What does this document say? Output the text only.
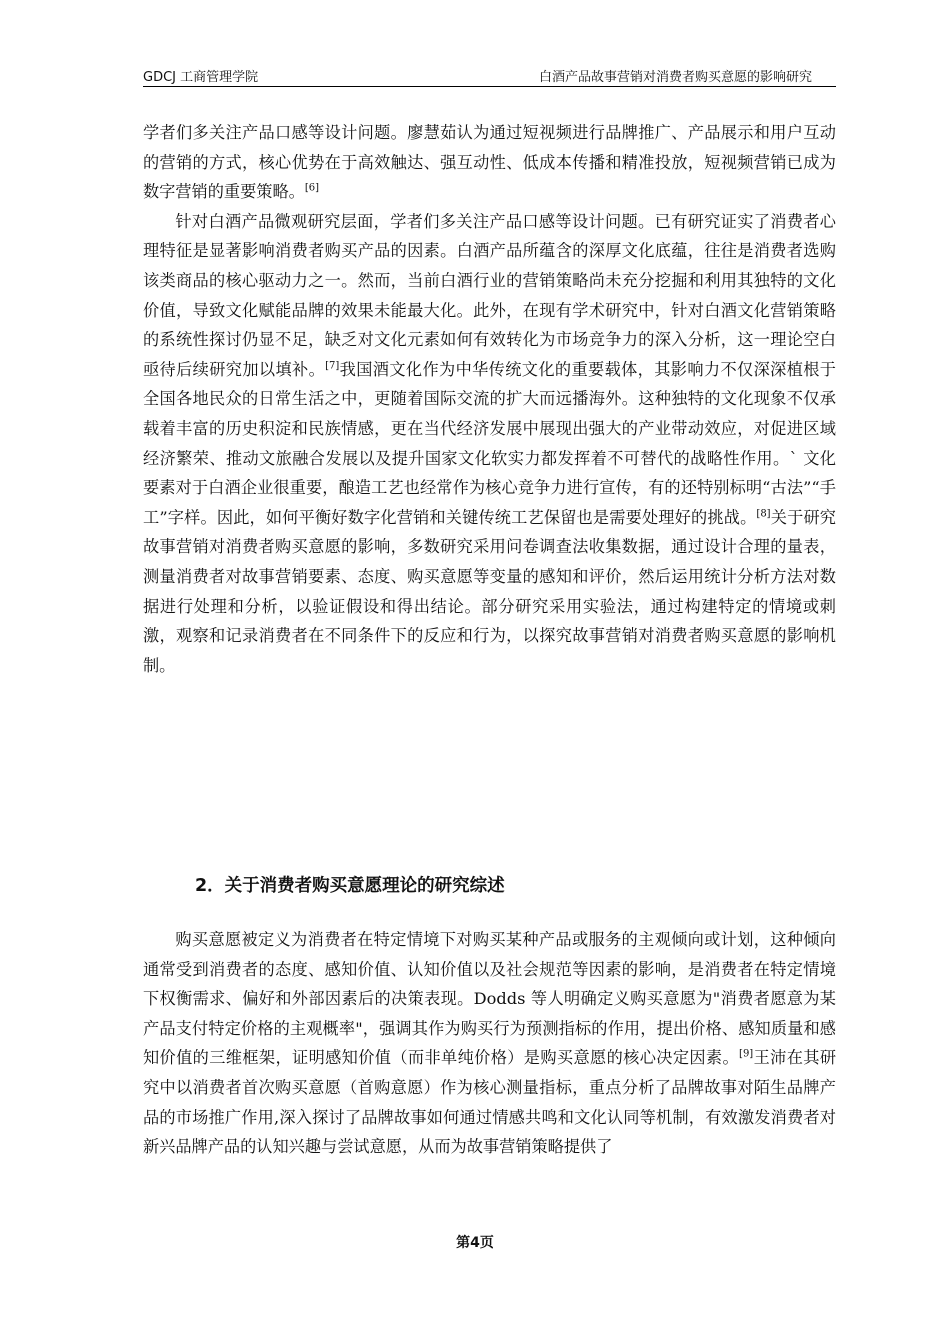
GDCJ 工商管理学院	白酒产品故事营销对消费者购买意愿的影响研究

学者们多关注产品口感等设计问题。廖慧茹认为通过短视频进行品牌推广、产品展示和用户互动的营销的方式，核心优势在于高效触达、强互动性、低成本传播和精准投放，短视频营销已成为数字营销的重要策略。[6]

针对白酒产品微观研究层面，学者们多关注产品口感等设计问题。已有研究证实了消费者心理特征是显著影响消费者购买产品的因素。白酒产品所蕴含的深厚文化底蕴，往往是消费者选购该类商品的核心驱动力之一。然而，当前白酒行业的营销策略尚未充分挖掘和利用其独特的文化价值，导致文化赋能品牌的效果未能最大化。此外，在现有学术研究中，针对白酒文化营销策略的系统性探讨仍显不足，缺乏对文化元素如何有效转化为市场竞争力的深入分析，这一理论空白亟待后续研究加以填补。[7]我国酒文化作为中华传统文化的重要载体，其影响力不仅深深植根于全国各地民众的日常生活之中，更随着国际交流的扩大而远播海外。这种独特的文化现象不仅承载着丰富的历史积淀和民族情感，更在当代经济发展中展现出强大的产业带动效应，对促进区域经济繁荣、推动文旅融合发展以及提升国家文化软实力都发挥着不可替代的战略性作用。` 文化要素对于白酒企业很重要，酿造工艺也经常作为核心竞争力进行宣传，有的还特别标明“古法”“手工”字样。因此，如何平衡好数字化营销和关键传统工艺保留也是需要处理好的挑战。[8]关于研究故事营销对消费者购买意愿的影响，多数研究采用问卷调查法收集数据，通过设计合理的量表，测量消费者对故事营销要素、态度、购买意愿等变量的感知和评价，然后运用统计分析方法对数据进行处理和分析，以验证假设和得出结论。部分研究采用实验法，通过构建特定的情境或刺激，观察和记录消费者在不同条件下的反应和行为，以探究故事营销对消费者购买意愿的影响机制。

2．关于消费者购买意愿理论的研究综述

购买意愿被定义为消费者在特定情境下对购买某种产品或服务的主观倾向或计划，这种倾向通常受到消费者的态度、感知价值、认知价值以及社会规范等因素的影响，是消费者在特定情境下权衡需求、偏好和外部因素后的决策表现。Dodds 等人明确定义购买意愿为"消费者愿意为某产品支付特定价格的主观概率"，强调其作为购买行为预测指标的作用，提出价格、感知质量和感知价值的三维框架，证明感知价值（而非单纯价格）是购买意愿的核心决定因素。[9]王沛在其研究中以消费者首次购买意愿（首购意愿）作为核心测量指标，重点分析了品牌故事对陌生品牌产品的市场推广作用,深入探讨了品牌故事如何通过情感共鸣和文化认同等机制，有效激发消费者对新兴品牌产品的认知兴趣与尝试意愿，从而为故事营销策略提供了

第4页
